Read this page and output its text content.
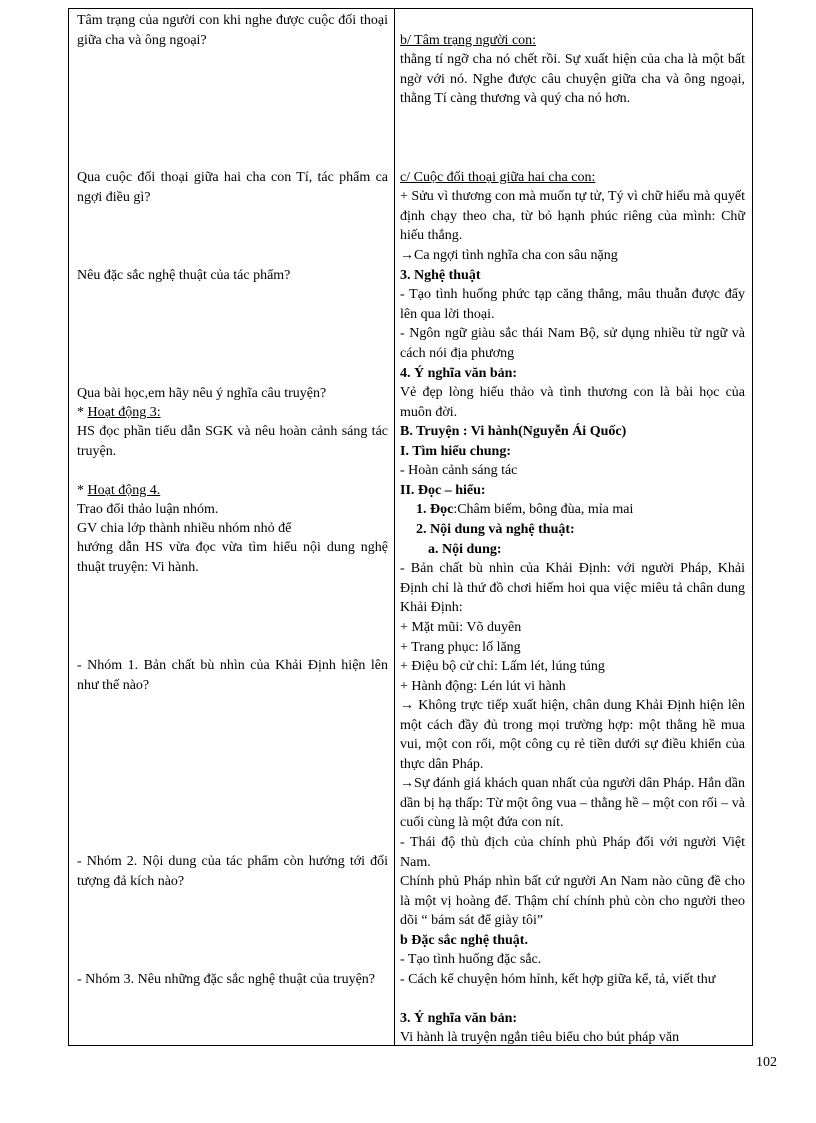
Tâm trạng của người con khi nghe được cuộc đối thoại giữa cha và ông ngoại?
Qua cuộc đối thoại giữa hai cha con Tí, tác phẩm ca ngợi điều gì?
Nêu đặc sắc nghệ thuật của tác phẩm?
Qua bài học,em hãy nêu ý nghĩa câu truyện?
* Hoạt động 3:
HS đọc phần tiểu dẫn SGK và nêu hoàn cảnh sáng tác truyện.
* Hoạt động 4.
Trao đổi thảo luận nhóm.
GV chia lớp thành nhiều nhóm nhỏ để
hướng dẫn HS vừa đọc vừa tìm hiểu nội dung nghệ thuật truyện: Vi hành.
- Nhóm 1. Bản chất bù nhìn của Khải Định hiện lên như thế nào?
- Nhóm 2. Nội dung của tác phẩm còn hướng tới đối tượng đả kích nào?
- Nhóm 3. Nêu những đặc sắc nghệ thuật của truyện?
b/ Tâm trạng người con:
thằng tí ngỡ cha nó chết rồi. Sự xuất hiện của cha là một bất ngờ với nó. Nghe được câu chuyện giữa cha và ông ngoại, thằng Tí càng thương và quý cha nó hơn.
c/ Cuộc đối thoại giữa hai cha con:
+ Sửu vì thương con mà muốn tự tử, Tý vì chữ hiếu mà quyết định chạy theo cha, từ bỏ hạnh phúc riêng của mình: Chữ hiếu thắng.
→Ca ngợi tình nghĩa cha con sâu nặng
3. Nghệ thuật
- Tạo tình huống phức tạp căng thẳng, mâu thuẫn được đẩy lên qua lời thoại.
- Ngôn ngữ giàu sắc thái Nam Bộ, sử dụng nhiều từ ngữ và cách nói địa phương
4. Ý nghĩa văn bản:
Vẻ đẹp lòng hiếu thảo và tình thương con là bài học của muôn đời.
B. Truyện : Vi hành(Nguyễn Ái Quốc)
I. Tìm hiểu chung:
- Hoàn cảnh sáng tác
II. Đọc – hiểu:
1. Đọc:Châm biếm, bông đùa, mỉa mai
2. Nội dung và nghệ thuật:
a. Nội dung:
- Bản chất bù nhìn của Khải Định: với người Pháp, Khải Định chỉ là thứ đồ chơi hiếm hoi qua việc miêu tả chân dung Khải Định:
+ Mặt mũi: Võ duyên
+ Trang phục: lố lăng
+ Điệu bộ cử chỉ: Lấm lét, lúng túng
+ Hành động: Lén lút vi hành
→ Không trực tiếp xuất hiện, chân dung Khải Định hiện lên một cách đầy đủ trong mọi trường hợp: một thằng hề mua vui, một con rối, một công cụ rẻ tiền dưới sự điều khiển của thực dân Pháp.
→Sự đánh giá khách quan nhất của người dân Pháp. Hắn dần dần bị hạ thấp: Từ một ông vua – thằng hề – một con rối – và cuối cùng là một đứa con nít.
- Thái độ thù địch của chính phủ Pháp đối với người Việt Nam.
Chính phủ Pháp nhìn bất cứ người An Nam nào cũng đề cho là một vị hoàng đế. Thậm chí chính phủ còn cho người theo dõi “ bám sát để giày tôi”
b Đặc sắc nghệ thuật.
- Tạo tình huống đặc sắc.
- Cách kể chuyện hóm hỉnh, kết hợp giữa kể, tả, viết thư
3. Ý nghĩa văn bản:
Vi hành là truyện ngắn tiêu biểu cho bút pháp văn
102
